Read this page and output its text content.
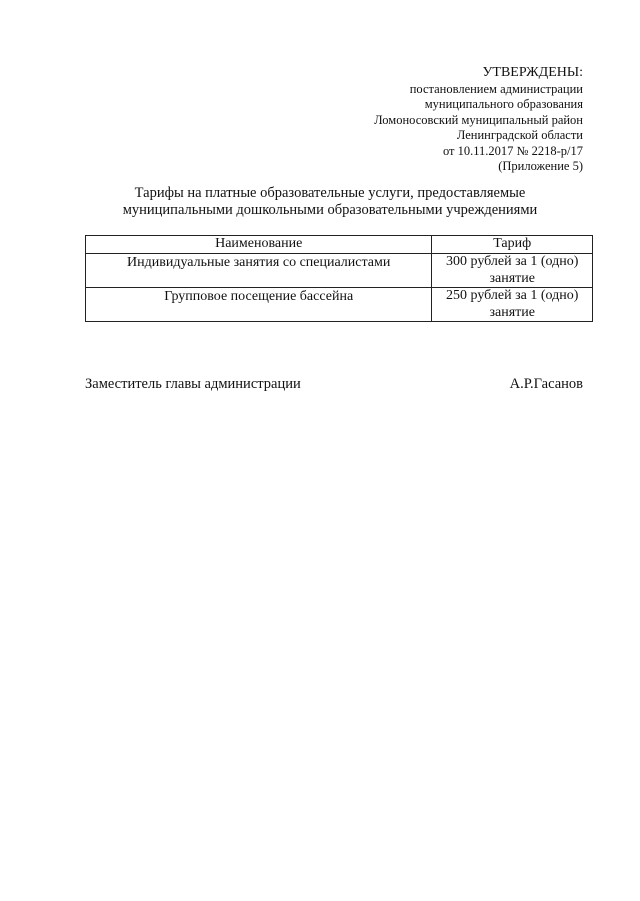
УТВЕРЖДЕНЫ:
постановлением администрации
муниципального образования
Ломоносовский муниципальный район
Ленинградской области
от 10.11.2017 № 2218-р/17
(Приложение 5)
Тарифы на платные образовательные услуги, предоставляемые
муниципальными дошкольными образовательными учреждениями
Наименование	Тариф
Индивидуальные занятия со специалистами	300 рублей за 1 (одно) занятие
Групповое посещение бассейна	250 рублей за 1 (одно) занятие
Заместитель главы администрации	А.Р.Гасанов
